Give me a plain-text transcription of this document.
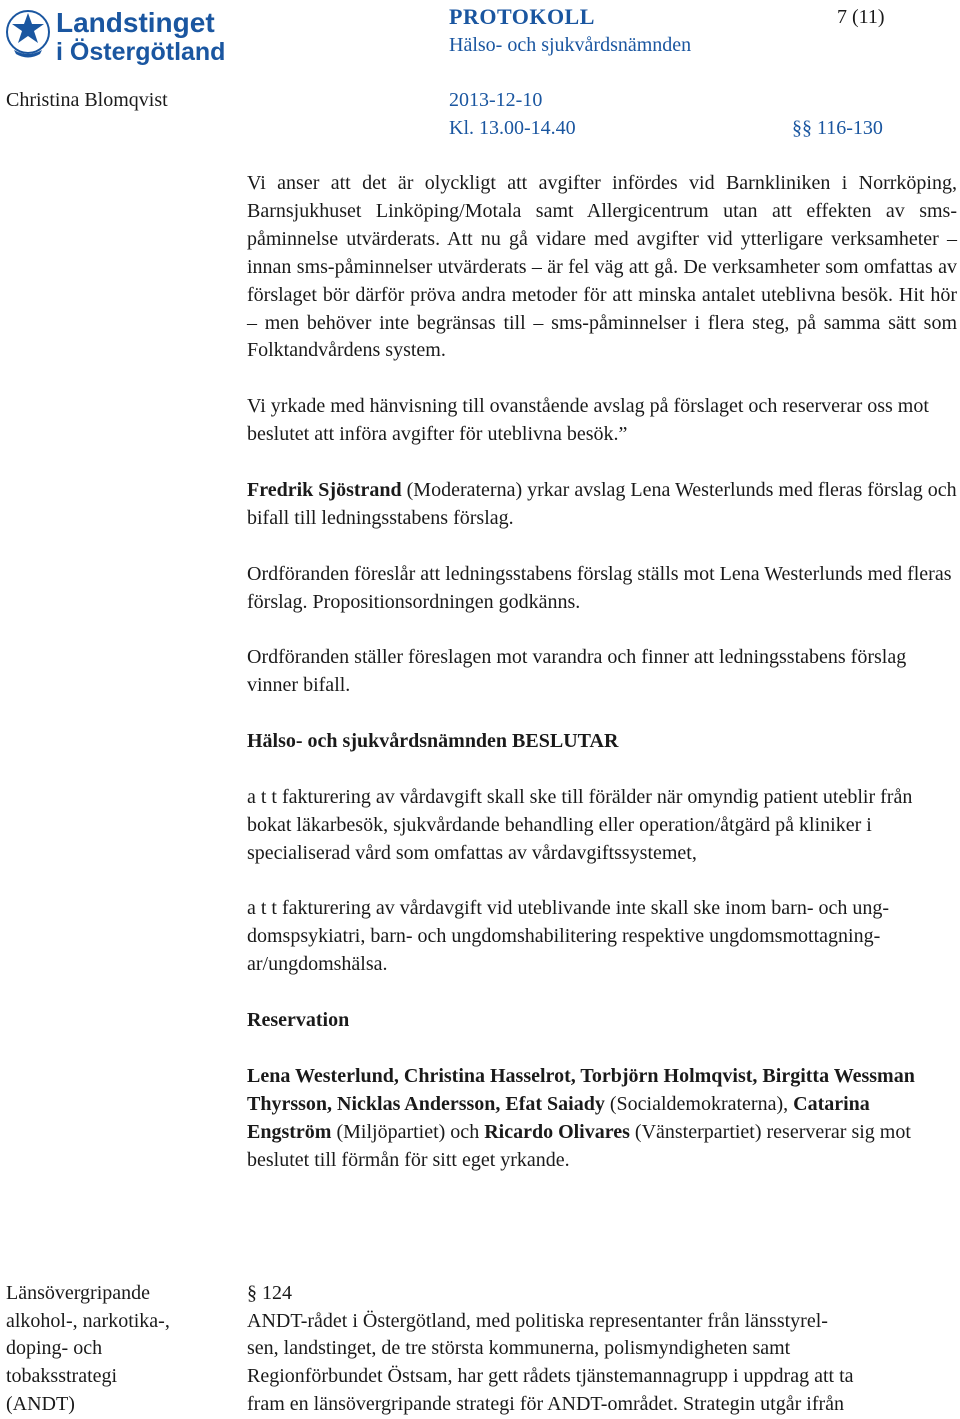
Landstinget
i Östergötland
PROTOKOLL	7 (11)
Hälso- och sjukvårdsnämnden
Christina Blomqvist	2013-12-10
Kl. 13.00-14.40	§§ 116-130

Vi anser att det är olyckligt att avgifter infördes vid Barnkliniken i Norrköping, Barnsjukhuset Linköping/Motala samt Allergicentrum utan att effekten av sms-påminnelse utvärderats. Att nu gå vidare med avgifter vid ytterligare verksamheter – innan sms-påminnelser utvärderats – är fel väg att gå. De verksamheter som omfattas av förslaget bör därför pröva andra metoder för att minska antalet uteblivna besök. Hit hör – men behöver inte begränsas till – sms-påminnelser i flera steg, på samma sätt som Folktandvårdens system.

Vi yrkade med hänvisning till ovanstående avslag på förslaget och reserverar oss mot beslutet att införa avgifter för uteblivna besök.”

Fredrik Sjöstrand (Moderaterna) yrkar avslag Lena Westerlunds med fleras förslag och bifall till ledningsstabens förslag.

Ordföranden föreslår att ledningsstabens förslag ställs mot Lena Westerlunds med fleras förslag. Propositionsordningen godkänns.

Ordföranden ställer föreslagen mot varandra och finner att ledningsstabens förslag vinner bifall.

Hälso- och sjukvårdsnämnden BESLUTAR

a t t fakturering av vårdavgift skall ske till förälder när omyndig patient uteblir från bokat läkarbesök, sjukvårdande behandling eller operation/åtgärd på kliniker i specialiserad vård som omfattas av vårdavgiftssystemet,

a t t fakturering av vårdavgift vid uteblivande inte skall ske inom barn- och ung-domspsykiatri, barn- och ungdomshabilitering respektive ungdomsmottagning-ar/ungdomshälsa.

Reservation

Lena Westerlund, Christina Hasselrot, Torbjörn Holmqvist, Birgitta Wessman Thyrsson, Nicklas Andersson, Efat Saiady (Socialdemokraterna), Catarina Engström (Miljöpartiet) och Ricardo Olivares (Vänsterpartiet) reserverar sig mot beslutet till förmån för sitt eget yrkande.

Länsövergripande
alkohol-, narkotika-,
doping- och
tobaksstrategi
(ANDT)

§ 124

ANDT-rådet i Östergötland, med politiska representanter från länsstyrel-

sen, landstinget, de tre största kommunerna, polismyndigheten samt

Regionförbundet Östsam, har gett rådets tjänstemannagrupp i uppdrag att ta

fram en länsövergripande strategi för ANDT-området. Strategin utgår ifrån
